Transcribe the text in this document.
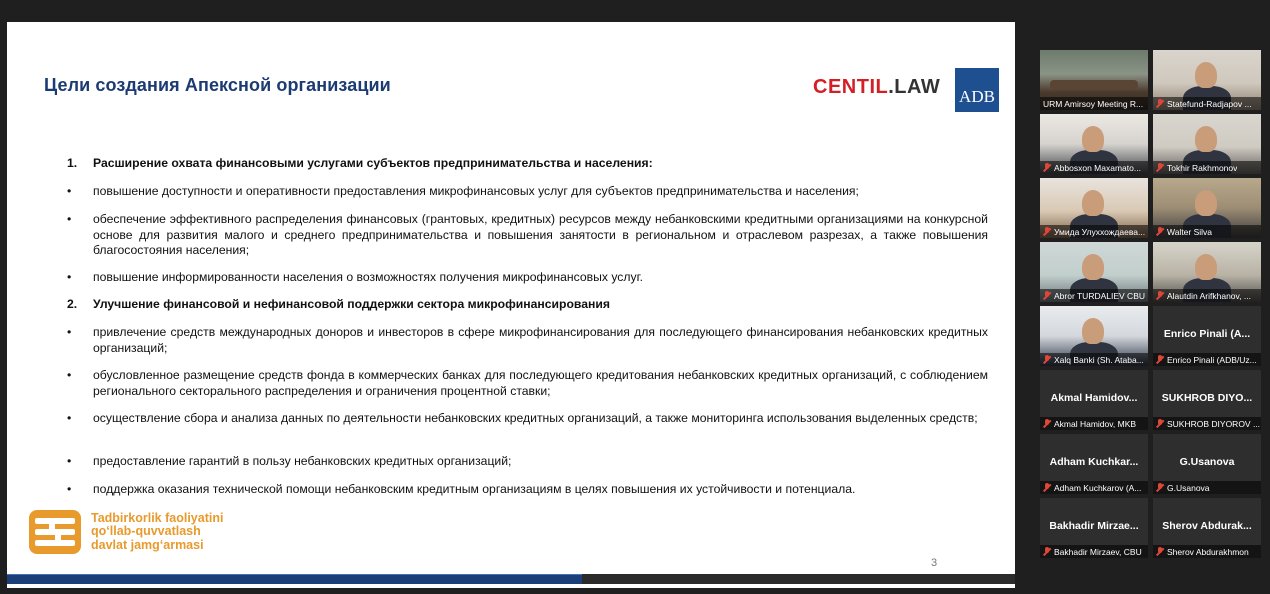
Цели создания Апексной организации	CENTIL.LAW ADB
1.	Расширение охвата финансовыми услугами субъектов предпринимательства и населения:
•	повышение доступности и оперативности предоставления микрофинансовых услуг для субъектов предпринимательства и населения;
•	обеспечение эффективного распределения финансовых (грантовых, кредитных) ресурсов между небанковскими кредитными организациями на конкурсной основе для развития малого и среднего предпринимательства и повышения занятости в региональном и отраслевом разрезах, а также повышения благосостояния населения;
•	повышение информированности населения о возможностях получения микрофинансовых услуг.
2.	Улучшение финансовой и нефинансовой поддержки сектора микрофинансирования
•	привлечение средств международных доноров и инвесторов в сфере микрофинансирования для последующего финансирования небанковских кредитных организаций;
•	обусловленное размещение средств фонда в коммерческих банках для последующего кредитования небанковских кредитных организаций, с соблюдением регионального секторального распределения и ограничения процентной ставки;
•	осуществление сбора и анализа данных по деятельности небанковских кредитных организаций, а также мониторинга использования выделенных средств;
•	предоставление гарантий в пользу небанковских кредитных организаций;
•	поддержка оказания технической помощи небанковским кредитным организациям в целях повышения их устойчивости и потенциала.
Tadbirkorlik faoliyatini
qo‘llab-quvvatlash
davlat jamg‘armasi
3
URM Amirsoy Meeting R...	Statefund-Radjapov ...
Abbosxon Maxamato...	Tokhir Rakhmonov
Умида Улуххождаева...	Walter Silva
Abror TURDALIEV CBU	Alautdin Arifkhanov, ...
Xalq Banki (Sh. Ataba...
Enrico Pinali (A...
Enrico Pinali (ADB/Uz...
Akmal Hamidov...
Akmal Hamidov, MKB
SUKHROB DIYO...
SUKHROB DIYOROV ...
Adham Kuchkar...
Adham Kuchkarov (A...
G.Usanova
G.Usanova
Bakhadir Mirzae...
Bakhadir Mirzaev, CBU
Sherov Abdurak...
Sherov Abdurakhmon
